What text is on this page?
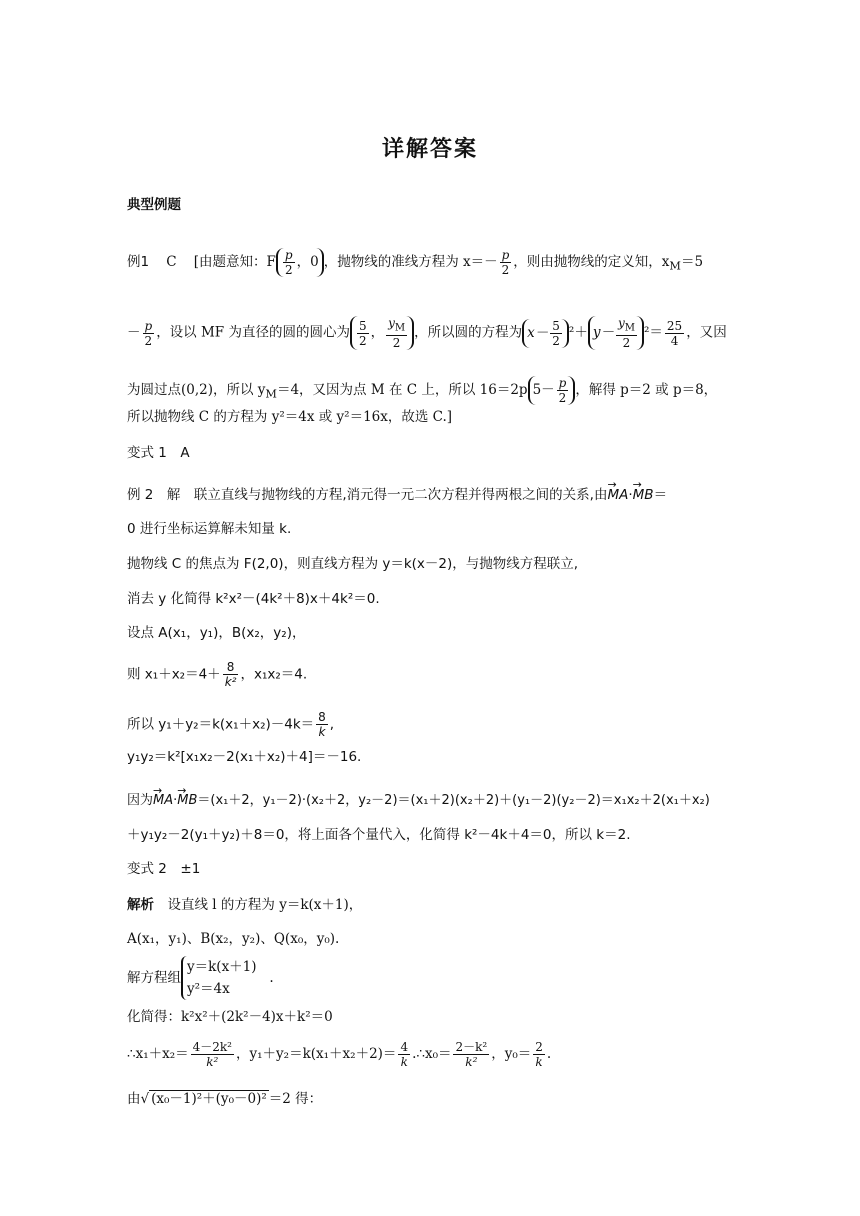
详解答案
典型例题
例1 C [由题意知：F $\frac{p}{2}$ ，0 ，抛物线的准线方程为 $x=- \frac{p}{2}$ ，则由抛物线的定义知，$x_M=5$
－ $\frac{p}{2}$ ，设以 MF 为直径的圆的圆心为 $\frac{5}{2}$ ， $\frac{y_M}{2}$ ，所以圆的方程为 $x- \frac{5}{2} ^2+ y- \frac{y_M}{2} ^2= \frac{25}{4}$ ，又因
为圆过点(0,2)，所以 $y_M=4$，又因为点 M 在 C 上，所以 16＝2p $5- \frac{p}{2}$ ，解得 p＝2 或 p＝8，
所以抛物线 C 的方程为 y²＝4x 或 y²＝16x，故选 C.]
变式 1　A
例 2　解　联立直线与抛物线的方程,消元得一元二次方程并得两根之间的关系,由→ MA·→ MB＝
0 进行坐标运算解未知量 k.
抛物线 C 的焦点为 F(2,0)，则直线方程为 y＝k(x－2)，与抛物线方程联立,
消去 y 化简得 k²x²－(4k²＋8)x＋4k²＝0.
设点 A(x₁，y₁)，B(x₂，y₂)，
则 $x_1+x_2=4+ \frac{8}{\text{k²}}$ ，x₁x₂＝4.
所以 $y_1+y_2=k(x_1+x_2)-4k= \frac{8}{k}$ ,
y₁y₂＝k²[x₁x₂－2(x₁＋x₂)＋4]＝－16.
因为→ MA·→ MB＝(x₁＋2，y₁－2)·(x₂＋2，y₂－2)＝(x₁＋2)(x₂＋2)＋(y₁－2)(y₂－2)＝x₁x₂＋2(x₁＋x₂)
＋y₁y₂－2(y₁＋y₂)＋8＝0，将上面各个量代入，化简得 k²－4k＋4＝0，所以 k＝2.
变式 2　±1
解析　设直线 l 的方程为 y＝k(x＋1)，
A(x₁，y₁)、B(x₂，y₂)、Q(x₀，y₀).
解方程组
y＝k(x＋1)
y²＝4x
.
化简得：k²x²＋(2k²－4)x＋k²＝0
∴x₁＋x₂＝ $\frac{\text{4－2k²}}{\text{k²}}$ ，$y_1+y_2=k(x_1+x_2+2)= \frac{4}{k}$ .∴x₀＝ $\frac{\text{2－k²}}{\text{k²}}$ ，$y_0= \frac{2}{k}$ .
由√ (x₀－1)²＋(y₀－0)² ＝2 得：
